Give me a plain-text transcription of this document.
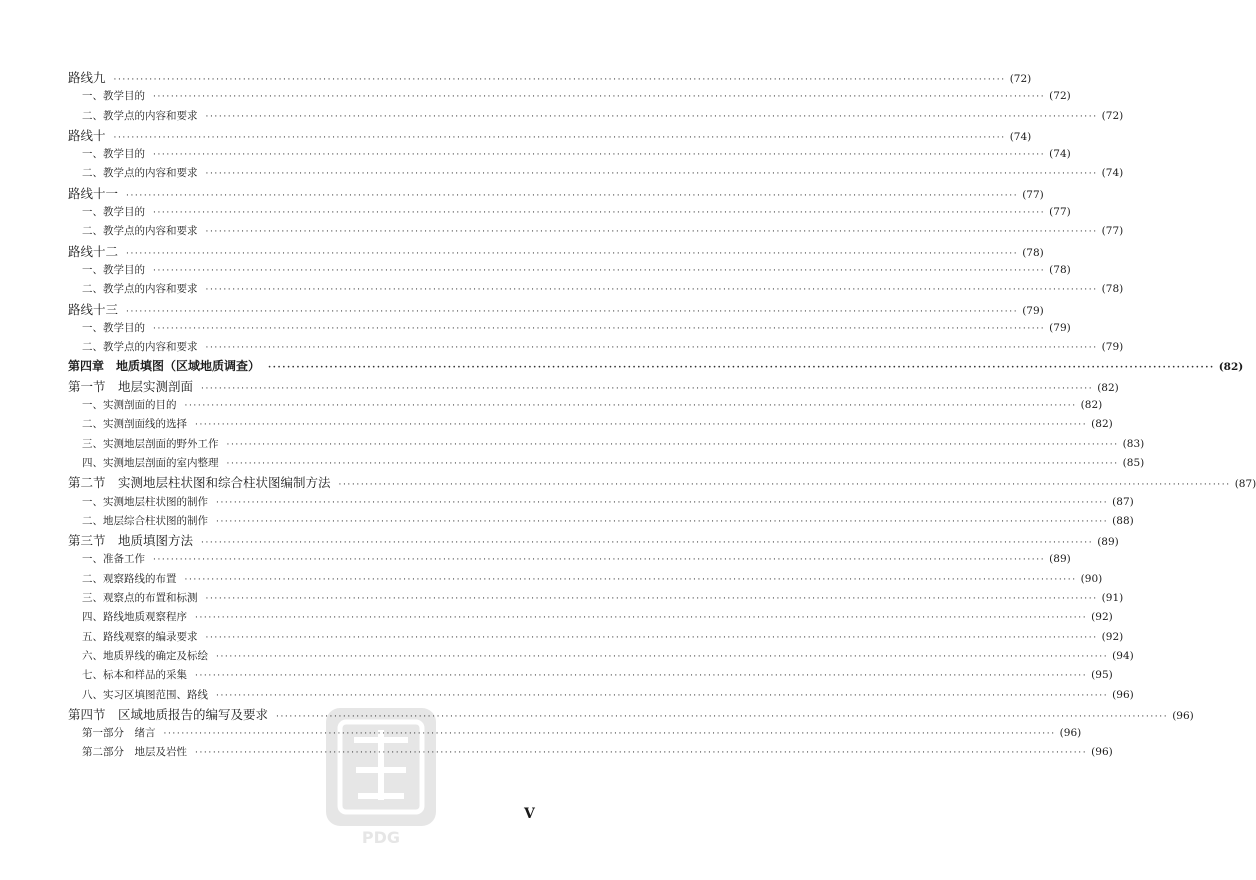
路线九 ········································································································································································································ (72)
一、教学目的 ········································································································································································································ (72)
二、教学点的内容和要求 ········································································································································································································ (72)
路线十 ········································································································································································································ (74)
一、教学目的 ········································································································································································································ (74)
二、教学点的内容和要求 ········································································································································································································ (74)
路线十一 ········································································································································································································ (77)
一、教学目的 ········································································································································································································ (77)
二、教学点的内容和要求 ········································································································································································································ (77)
路线十二 ········································································································································································································ (78)
一、教学目的 ········································································································································································································ (78)
二、教学点的内容和要求 ········································································································································································································ (78)
路线十三 ········································································································································································································ (79)
一、教学目的 ········································································································································································································ (79)
二、教学点的内容和要求 ········································································································································································································ (79)
第四章　地质填图（区域地质调查） ········································································································································································································ (82)
第一节　地层实测剖面 ········································································································································································································ (82)
一、实测剖面的目的 ········································································································································································································ (82)
二、实测剖面线的选择 ········································································································································································································ (82)
三、实测地层剖面的野外工作 ········································································································································································································ (83)
四、实测地层剖面的室内整理 ········································································································································································································ (85)
第二节　实测地层柱状图和综合柱状图编制方法 ········································································································································································································ (87)
一、实测地层柱状图的制作 ········································································································································································································ (87)
二、地层综合柱状图的制作 ········································································································································································································ (88)
第三节　地质填图方法 ········································································································································································································ (89)
一、准备工作 ········································································································································································································ (89)
二、观察路线的布置 ········································································································································································································ (90)
三、观察点的布置和标测 ········································································································································································································ (91)
四、路线地质观察程序 ········································································································································································································ (92)
五、路线观察的编录要求 ········································································································································································································ (92)
六、地质界线的确定及标绘 ········································································································································································································ (94)
七、标本和样品的采集 ········································································································································································································ (95)
八、实习区填图范围、路线 ········································································································································································································ (96)
第四节　区域地质报告的编写及要求 ········································································································································································································ (96)
第一部分　绪言 ········································································································································································································ (96)
第二部分　地层及岩性 ········································································································································································································ (96)
V
PDG
